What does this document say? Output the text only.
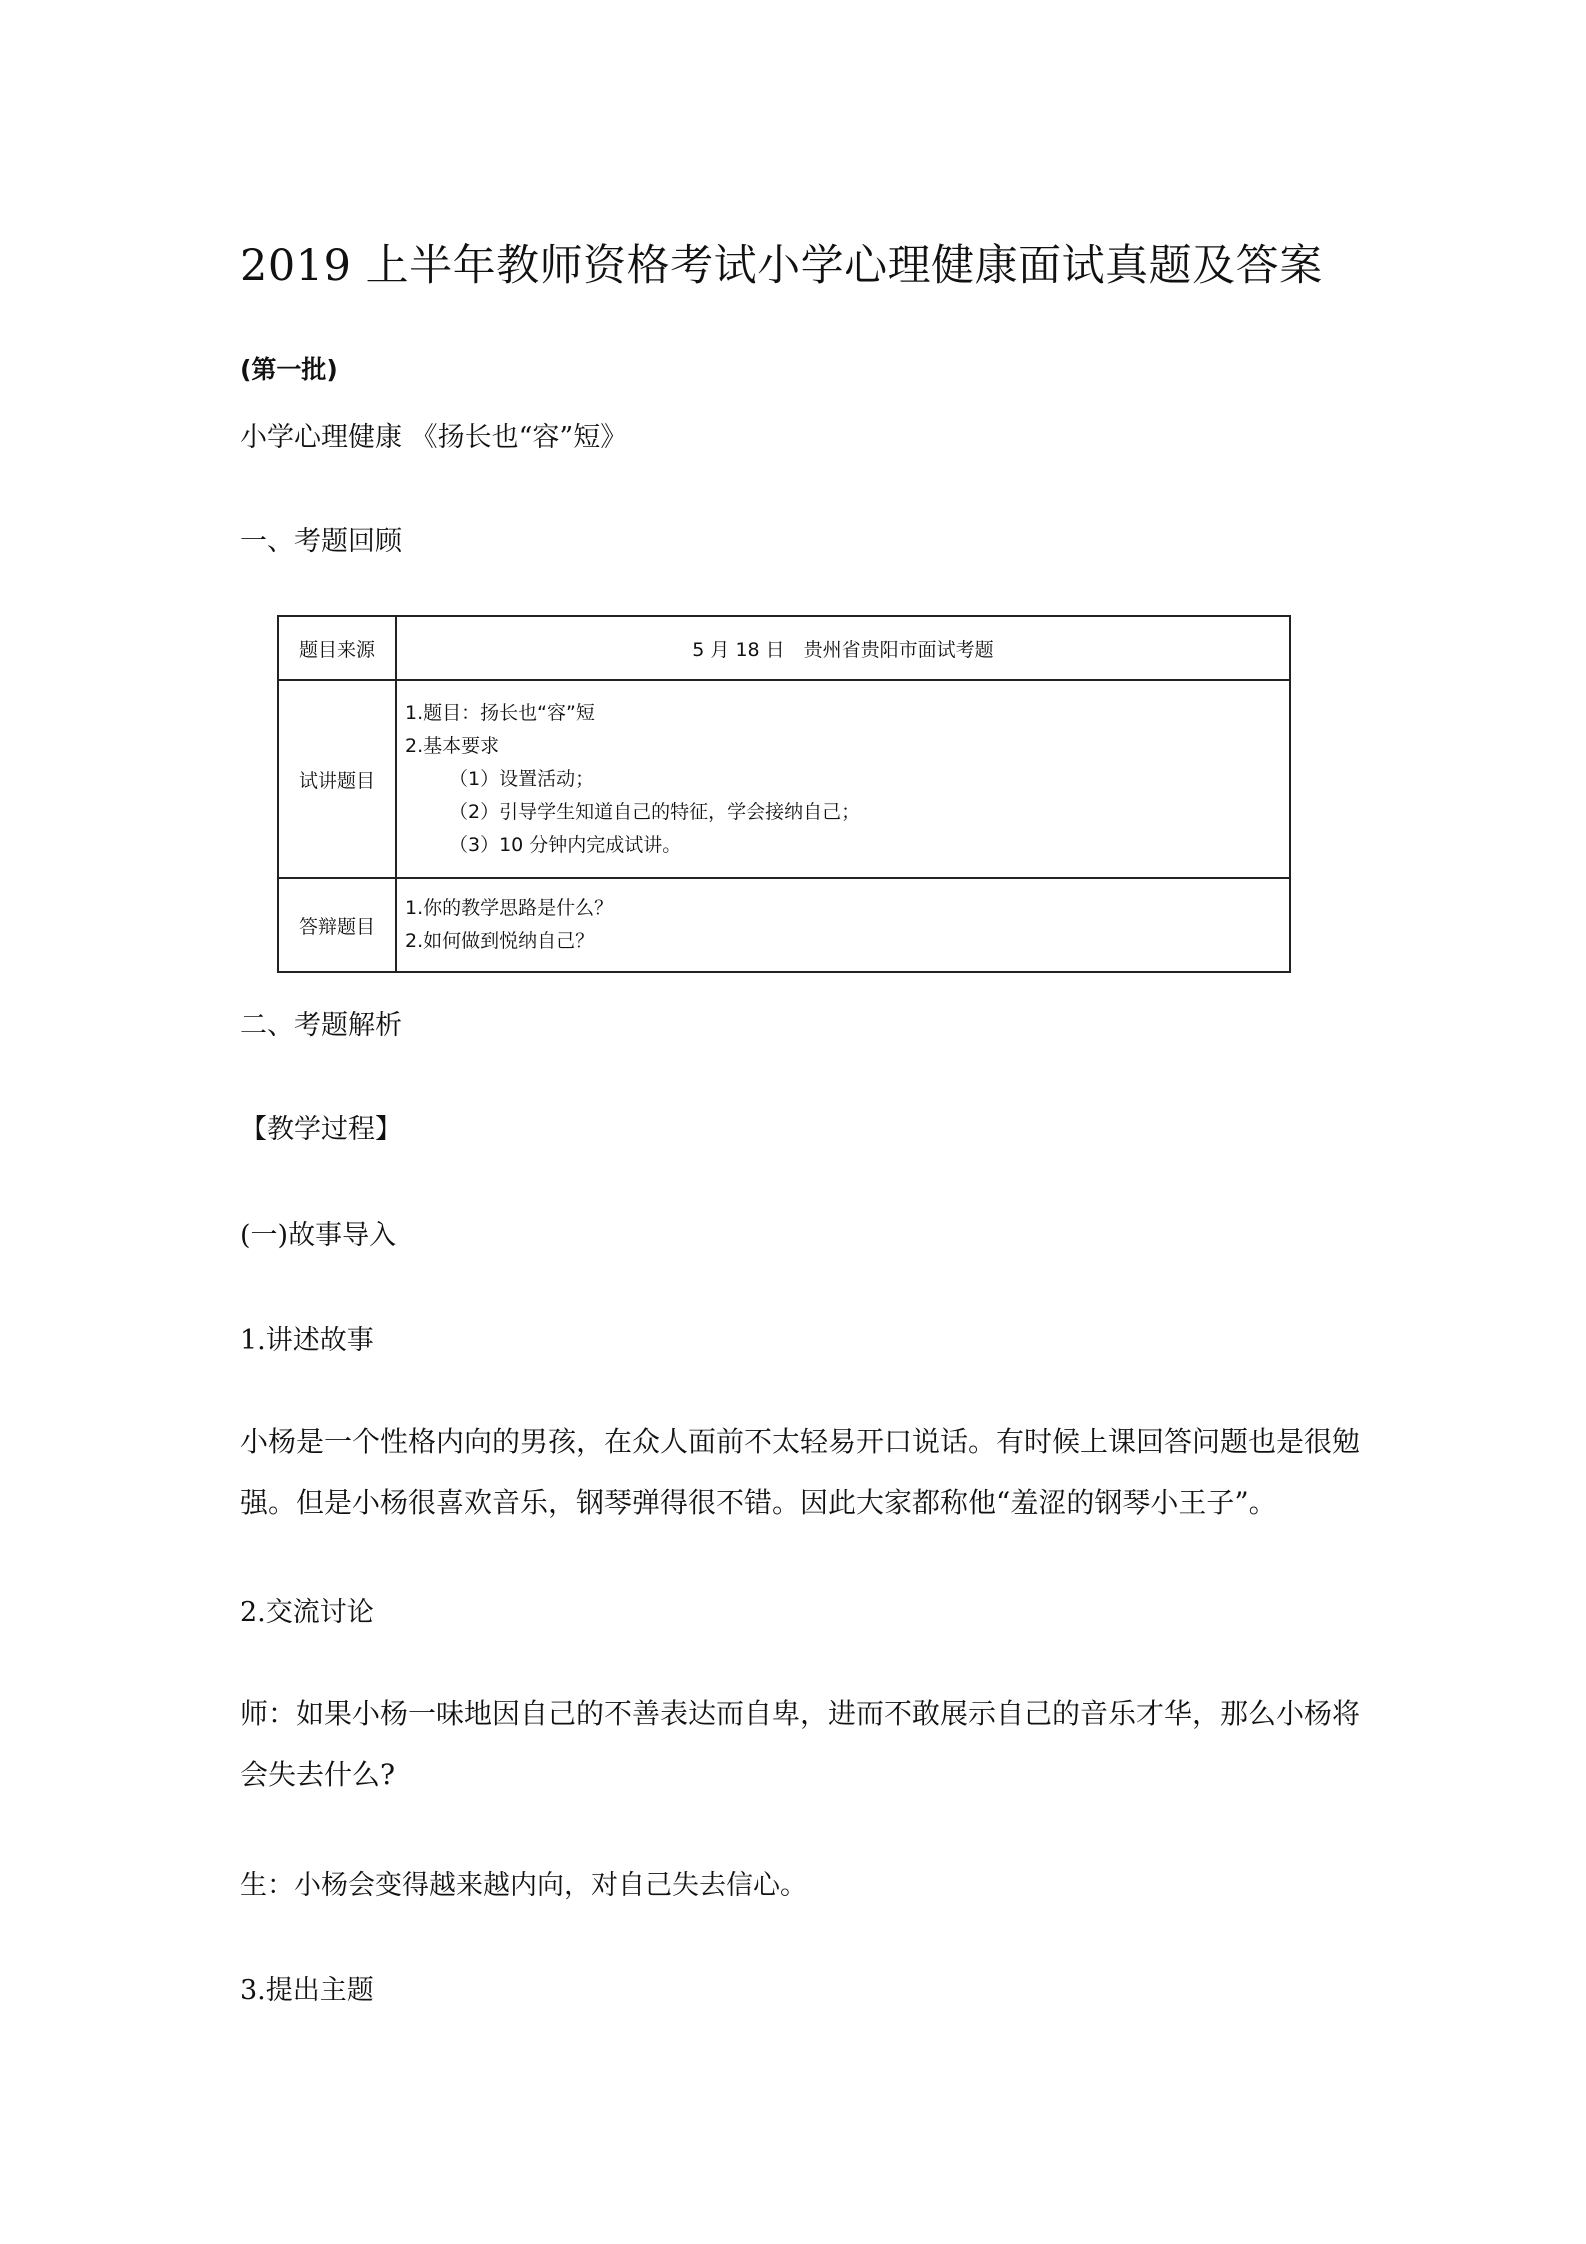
2019 上半年教师资格考试小学心理健康面试真题及答案
(第一批)
小学心理健康 《扬长也“容”短》
一、考题回顾
题目来源	5 月 18 日　贵州省贵阳市面试考题
试讲题目	1.题目：扬长也“容”短
2.基本要求
（1）设置活动；
（2）引导学生知道自己的特征，学会接纳自己；
（3）10 分钟内完成试讲。

答辩题目	1.你的教学思路是什么？
2.如何做到悦纳自己？
二、考题解析
【教学过程】
(一)故事导入
1.讲述故事
小杨是一个性格内向的男孩，在众人面前不太轻易开口说话。有时候上课回答问题也是很勉强。但是小杨很喜欢音乐，钢琴弹得很不错。因此大家都称他“羞涩的钢琴小王子”。
2.交流讨论
师：如果小杨一味地因自己的不善表达而自卑，进而不敢展示自己的音乐才华，那么小杨将会失去什么?
生：小杨会变得越来越内向，对自己失去信心。
3.提出主题
